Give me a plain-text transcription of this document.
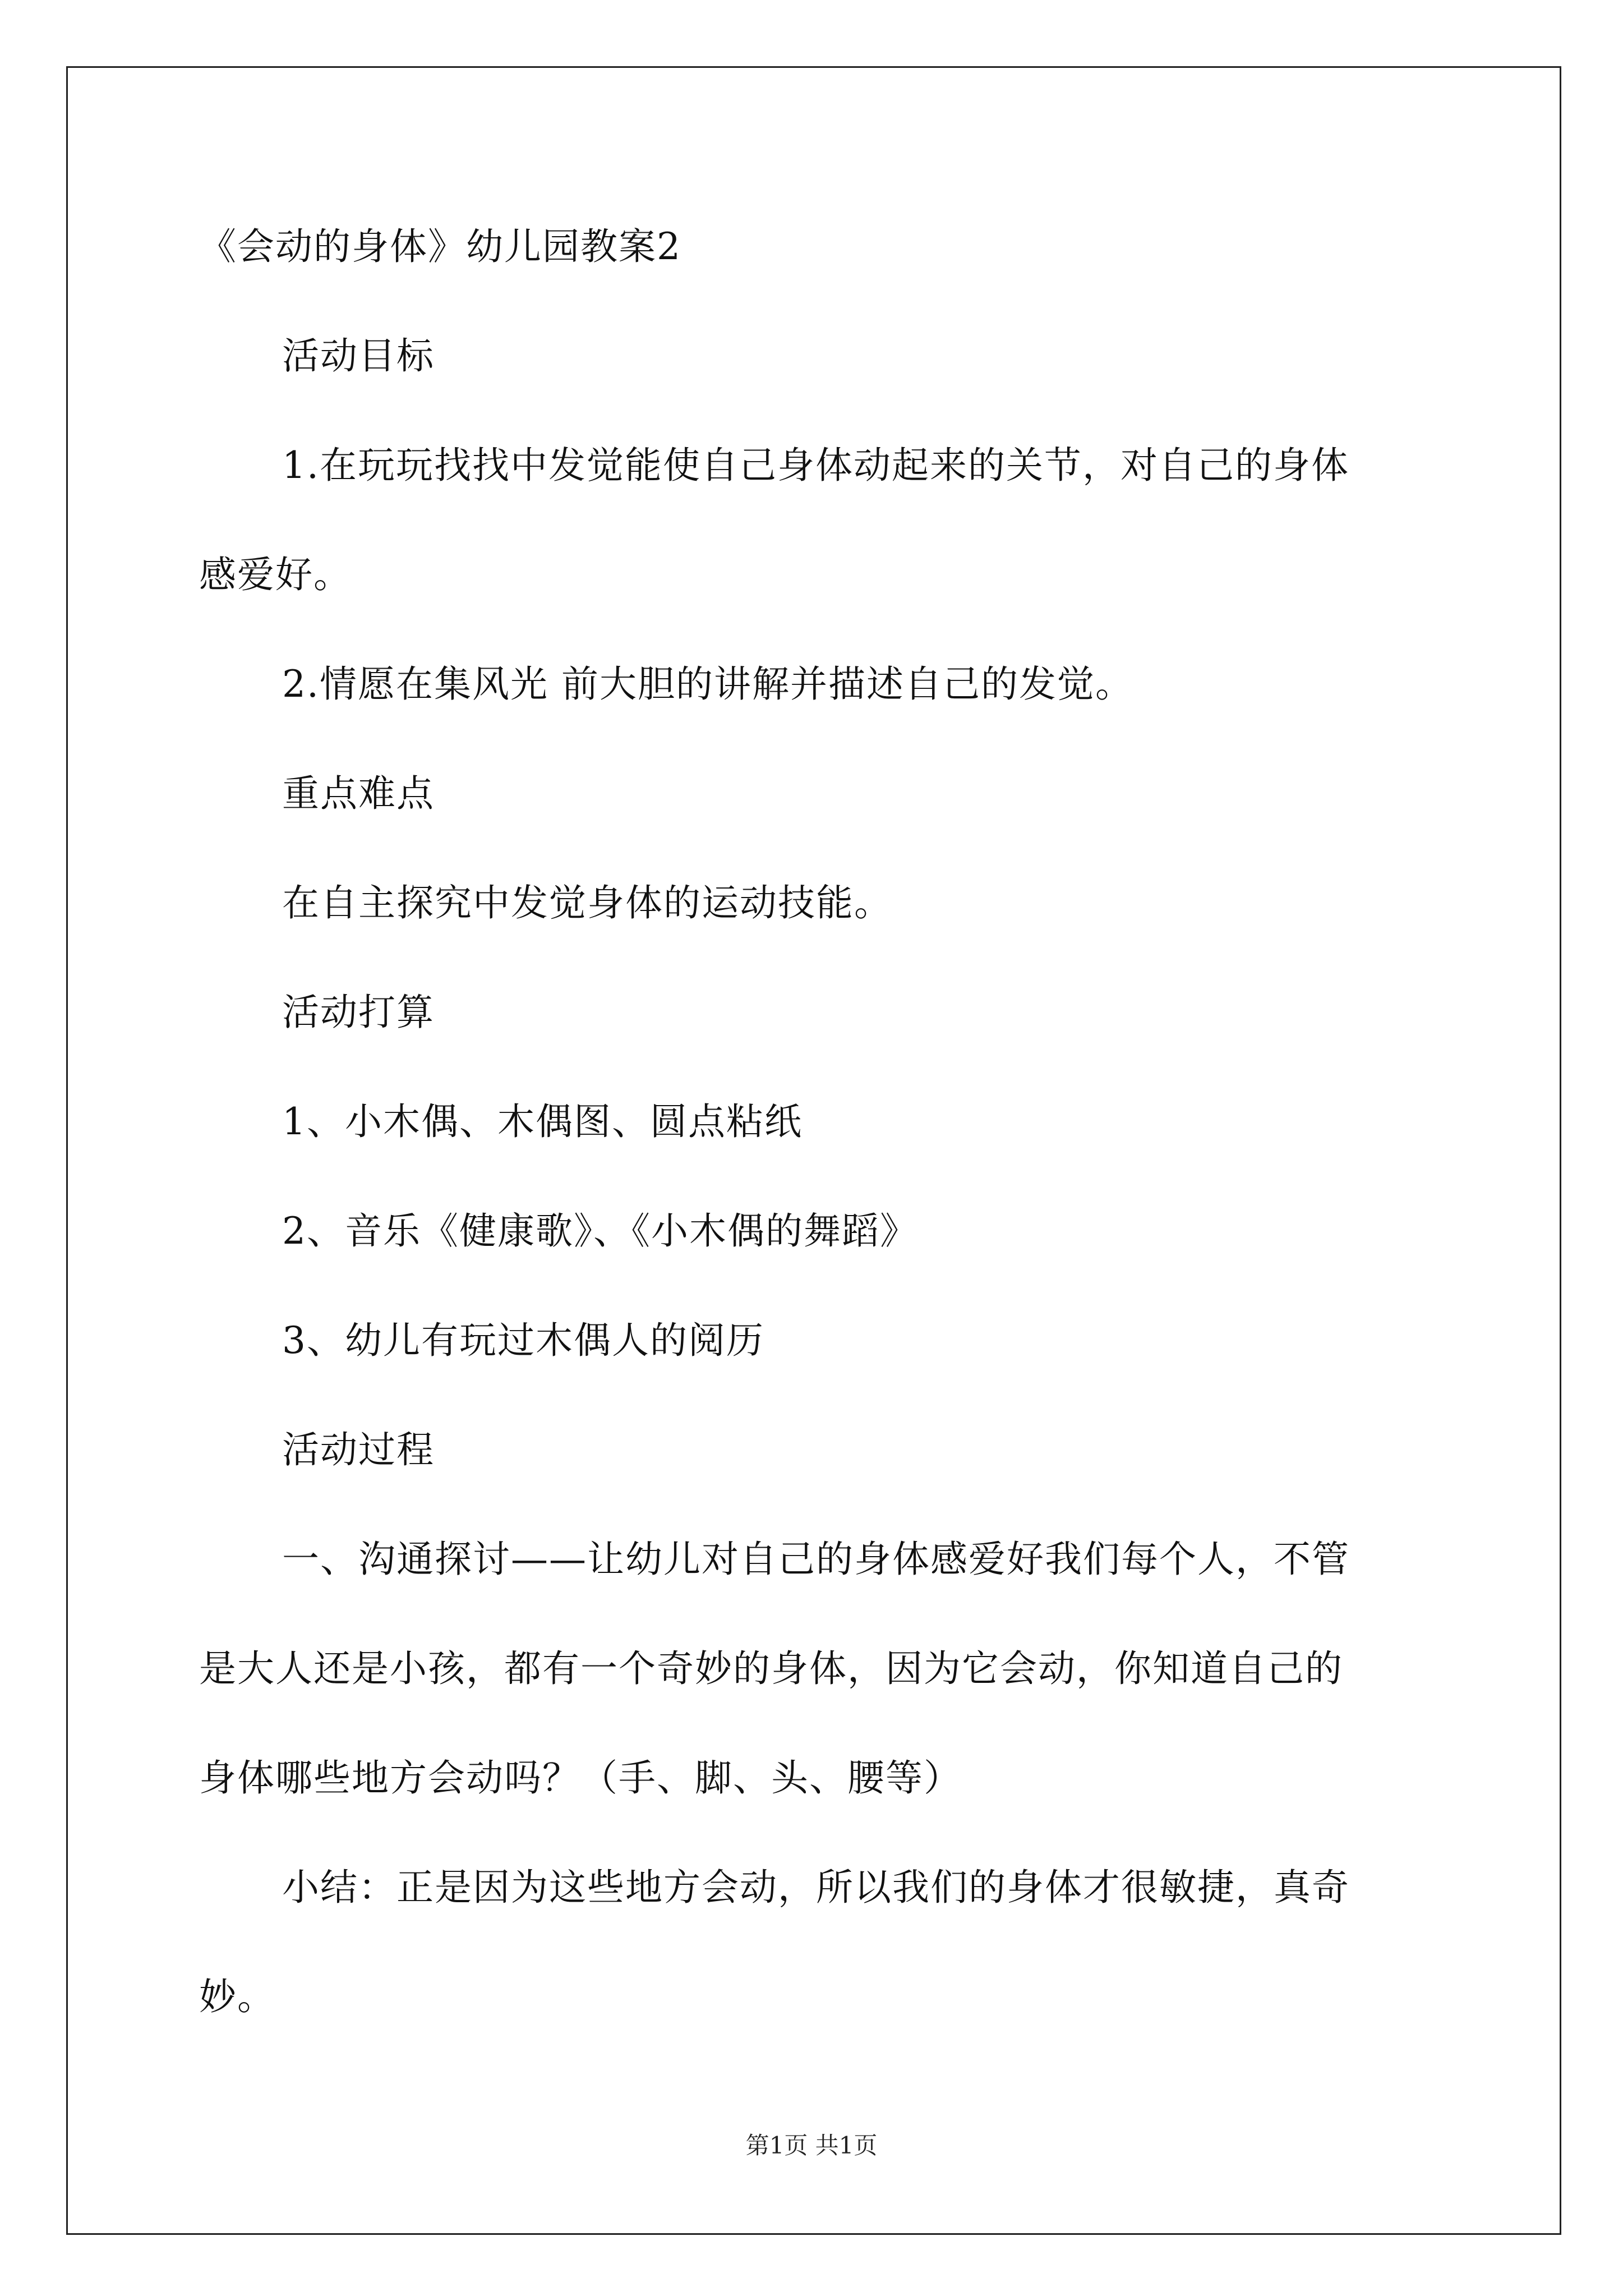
《会动的身体》幼儿园教案2
活动目标
1.在玩玩找找中发觉能使自己身体动起来的关节，对自己的身体
感爱好。
2.情愿在集风光 前大胆的讲解并描述自己的发觉。
重点难点
在自主探究中发觉身体的运动技能。
活动打算
1、小木偶、木偶图、圆点粘纸
2、音乐《健康歌》、《小木偶的舞蹈》
3、幼儿有玩过木偶人的阅历
活动过程
一、沟通探讨——让幼儿对自己的身体感爱好我们每个人，不管
是大人还是小孩，都有一个奇妙的身体，因为它会动，你知道自己的
身体哪些地方会动吗？（手、脚、头、腰等）
小结：正是因为这些地方会动，所以我们的身体才很敏捷，真奇
妙。
第1页 共1页
